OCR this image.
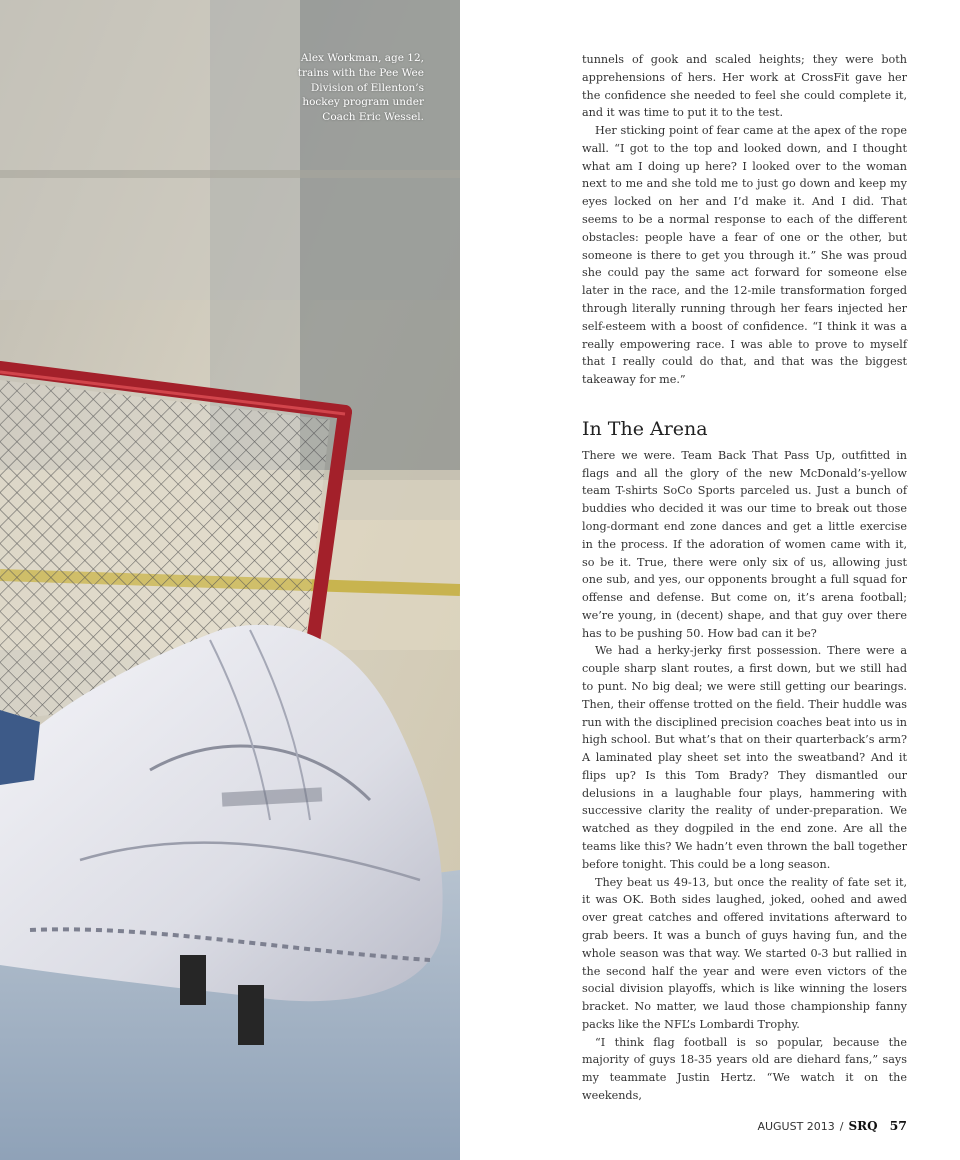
Alex Workman, age 12, trains with the Pee Wee Division of Ellenton’s hockey program under Coach Eric Wessel.

tunnels of gook and scaled heights; they were both apprehensions of hers. Her work at CrossFit gave her the confidence she needed to feel she could complete it, and it was time to put it to the test.

Her sticking point of fear came at the apex of the rope wall. “I got to the top and looked down, and I thought what am I doing up here? I looked over to the woman next to me and she told me to just go down and keep my eyes locked on her and I’d make it. And I did. That seems to be a normal response to each of the different obstacles: people have a fear of one or the other, but someone is there to get you through it.” She was proud she could pay the same act forward for someone else later in the race, and the 12-mile transformation forged through literally running through her fears injected her self-esteem with a boost of confidence. “I think it was a really empowering race. I was able to prove to myself that I really could do that, and that was the biggest takeaway for me.”

In The Arena

There we were. Team Back That Pass Up, outfitted in flags and all the glory of the new McDonald’s-yellow team T-shirts SoCo Sports parceled us. Just a bunch of buddies who decided it was our time to break out those long-dormant end zone dances and get a little exercise in the process. If the adoration of women came with it, so be it. True, there were only six of us, allowing just one sub, and yes, our opponents brought a full squad for offense and defense. But come on, it’s arena football; we’re young, in (decent) shape, and that guy over there has to be pushing 50. How bad can it be?

We had a herky-jerky first possession. There were a couple sharp slant routes, a first down, but we still had to punt. No big deal; we were still getting our bearings. Then, their offense trotted on the field. Their huddle was run with the disciplined precision coaches beat into us in high school. But what’s that on their quarterback’s arm? A laminated play sheet set into the sweatband? And it flips up? Is this Tom Brady? They dismantled our delusions in a laughable four plays, hammering with successive clarity the reality of under-preparation. We watched as they dogpiled in the end zone. Are all the teams like this? We hadn’t even thrown the ball together before tonight. This could be a long season.

They beat us 49-13, but once the reality of fate set it, it was OK. Both sides laughed, joked, oohed and awed over great catches and offered invitations afterward to grab beers. It was a bunch of guys having fun, and the whole season was that way. We started 0-3 but rallied in the second half the year and were even victors of the social division playoffs, which is like winning the losers bracket. No matter, we laud those championship fanny packs like the NFL’s Lombardi Trophy.

“I think flag football is so popular, because the majority of guys 18-35 years old are diehard fans,” says my teammate Justin Hertz. “We watch it on the weekends,

AUGUST 2013 / SRQ 57
